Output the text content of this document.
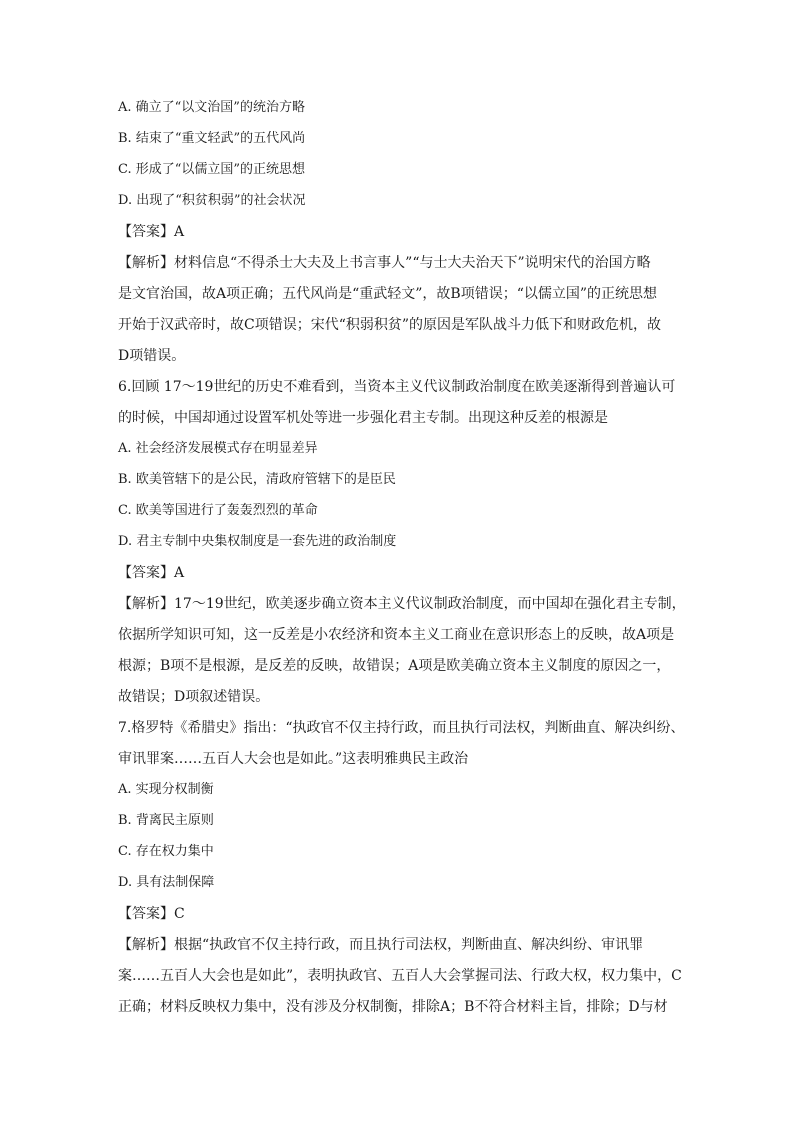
A. 确立了“以文治国”的统治方略
B. 结束了“重文轻武”的五代风尚
C. 形成了“以儒立国”的正统思想
D. 出现了“积贫积弱”的社会状况
【答案】A
【解析】材料信息“不得杀士大夫及上书言事人”“与士大夫治天下”说明宋代的治国方略
是文官治国，故A项正确；五代风尚是“重武轻文”，故B项错误；“以儒立国”的正统思想
开始于汉武帝时，故C项错误；宋代“积弱积贫”的原因是军队战斗力低下和财政危机，故
D项错误。
6.回顾 17～19世纪的历史不难看到，当资本主义代议制政治制度在欧美逐渐得到普遍认可
的时候，中国却通过设置军机处等进一步强化君主专制。出现这种反差的根源是
A. 社会经济发展模式存在明显差异
B. 欧美管辖下的是公民，清政府管辖下的是臣民
C. 欧美等国进行了轰轰烈烈的革命
D. 君主专制中央集权制度是一套先进的政治制度
【答案】A
【解析】17～19世纪，欧美逐步确立资本主义代议制政治制度，而中国却在强化君主专制，
依据所学知识可知，这一反差是小农经济和资本主义工商业在意识形态上的反映，故A项是
根源；B项不是根源，是反差的反映，故错误；A项是欧美确立资本主义制度的原因之一，
故错误；D项叙述错误。
7.格罗特《希腊史》指出：“执政官不仅主持行政，而且执行司法权，判断曲直、解决纠纷、
审讯罪案……五百人大会也是如此。”这表明雅典民主政治
A. 实现分权制衡
B. 背离民主原则
C. 存在权力集中
D. 具有法制保障
【答案】C
【解析】根据“执政官不仅主持行政，而且执行司法权，判断曲直、解决纠纷、审讯罪
案……五百人大会也是如此”，表明执政官、五百人大会掌握司法、行政大权，权力集中，C
正确；材料反映权力集中，没有涉及分权制衡，排除A；B不符合材料主旨，排除；D与材
